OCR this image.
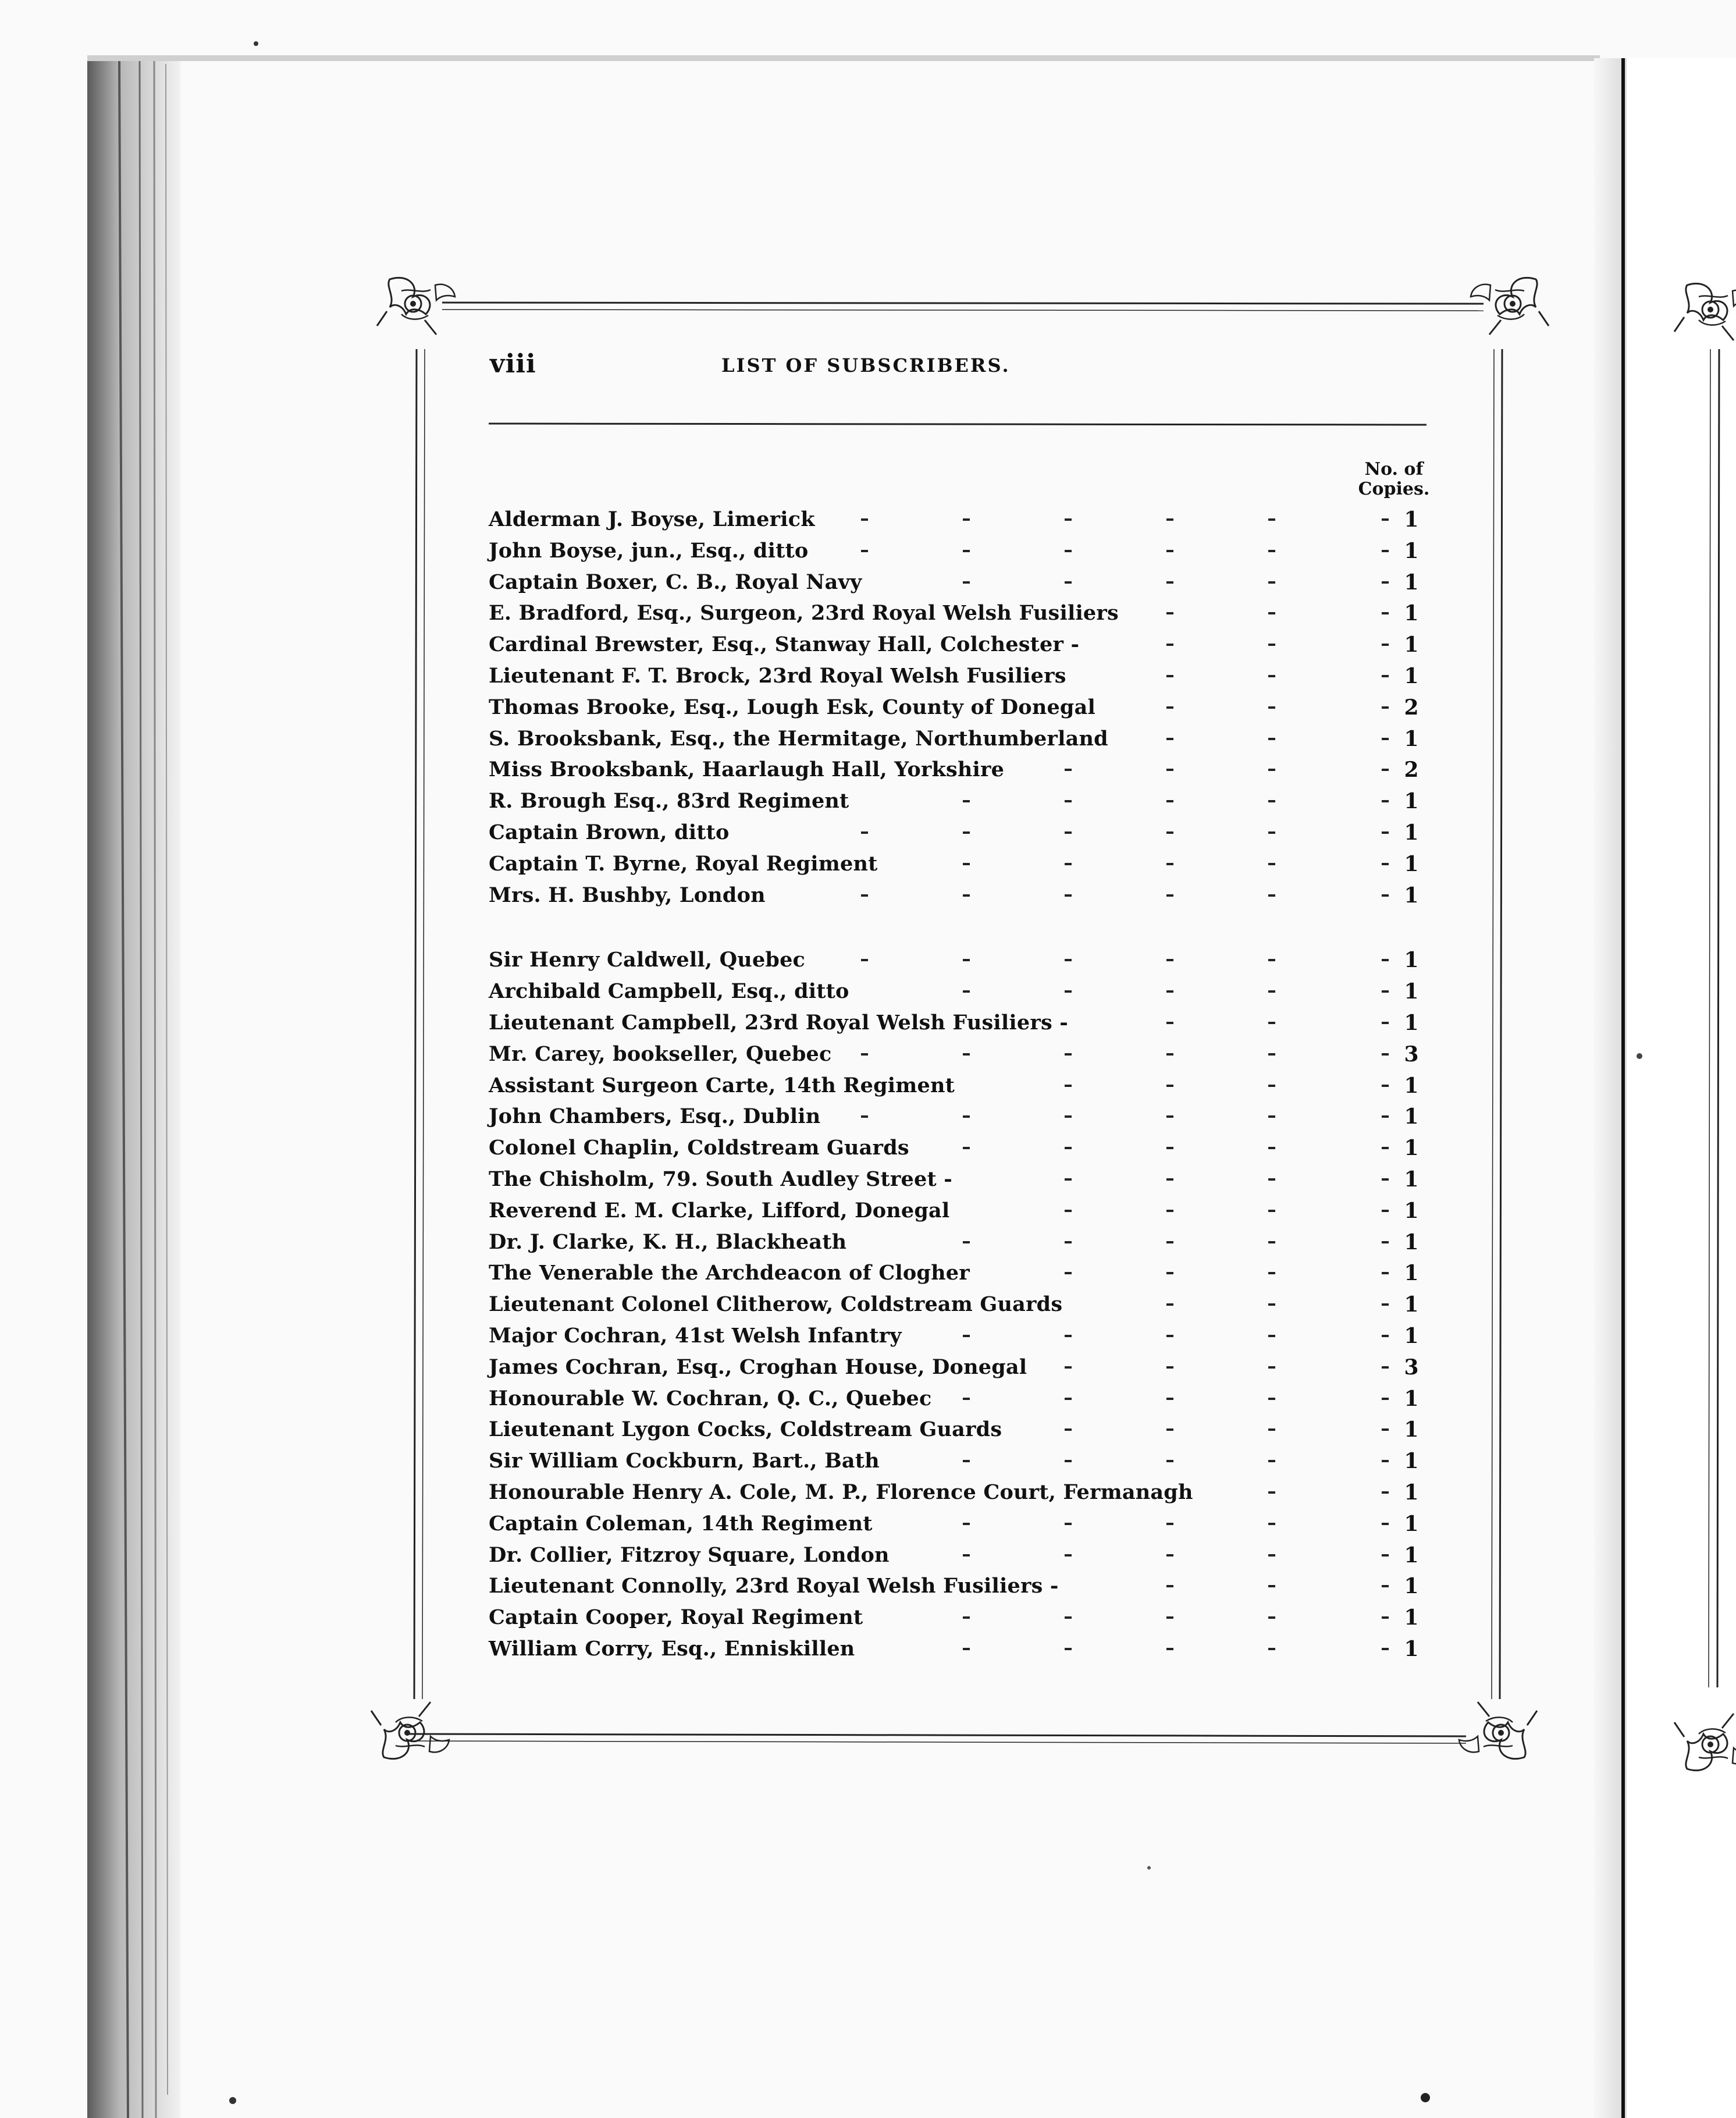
viii	LIST OF SUBSCRIBERS.
No. of
Copies.
Alderman J. Boyse, Limerick	1
John Boyse, jun., Esq., ditto	1
Captain Boxer, C. B., Royal Navy	1
E. Bradford, Esq., Surgeon, 23rd Royal Welsh Fusiliers	1
Cardinal Brewster, Esq., Stanway Hall, Colchester -	1
Lieutenant F. T. Brock, 23rd Royal Welsh Fusiliers	1
Thomas Brooke, Esq., Lough Esk, County of Donegal	2
S. Brooksbank, Esq., the Hermitage, Northumberland	1
Miss Brooksbank, Haarlaugh Hall, Yorkshire	2
R. Brough Esq., 83rd Regiment	1
Captain Brown, ditto	1
Captain T. Byrne, Royal Regiment	1
Mrs. H. Bushby, London	1
Sir Henry Caldwell, Quebec	1
Archibald Campbell, Esq., ditto	1
Lieutenant Campbell, 23rd Royal Welsh Fusiliers -	1
Mr. Carey, bookseller, Quebec	3
Assistant Surgeon Carte, 14th Regiment	1
John Chambers, Esq., Dublin	1
Colonel Chaplin, Coldstream Guards	1
The Chisholm, 79. South Audley Street -	1
Reverend E. M. Clarke, Lifford, Donegal	1
Dr. J. Clarke, K. H., Blackheath	1
The Venerable the Archdeacon of Clogher	1
Lieutenant Colonel Clitherow, Coldstream Guards	1
Major Cochran, 41st Welsh Infantry	1
James Cochran, Esq., Croghan House, Donegal	3
Honourable W. Cochran, Q. C., Quebec	1
Lieutenant Lygon Cocks, Coldstream Guards	1
Sir William Cockburn, Bart., Bath	1
Honourable Henry A. Cole, M. P., Florence Court, Fermanagh	1
Captain Coleman, 14th Regiment	1
Dr. Collier, Fitzroy Square, London	1
Lieutenant Connolly, 23rd Royal Welsh Fusiliers -	1
Captain Cooper, Royal Regiment	1
William Corry, Esq., Enniskillen	1
